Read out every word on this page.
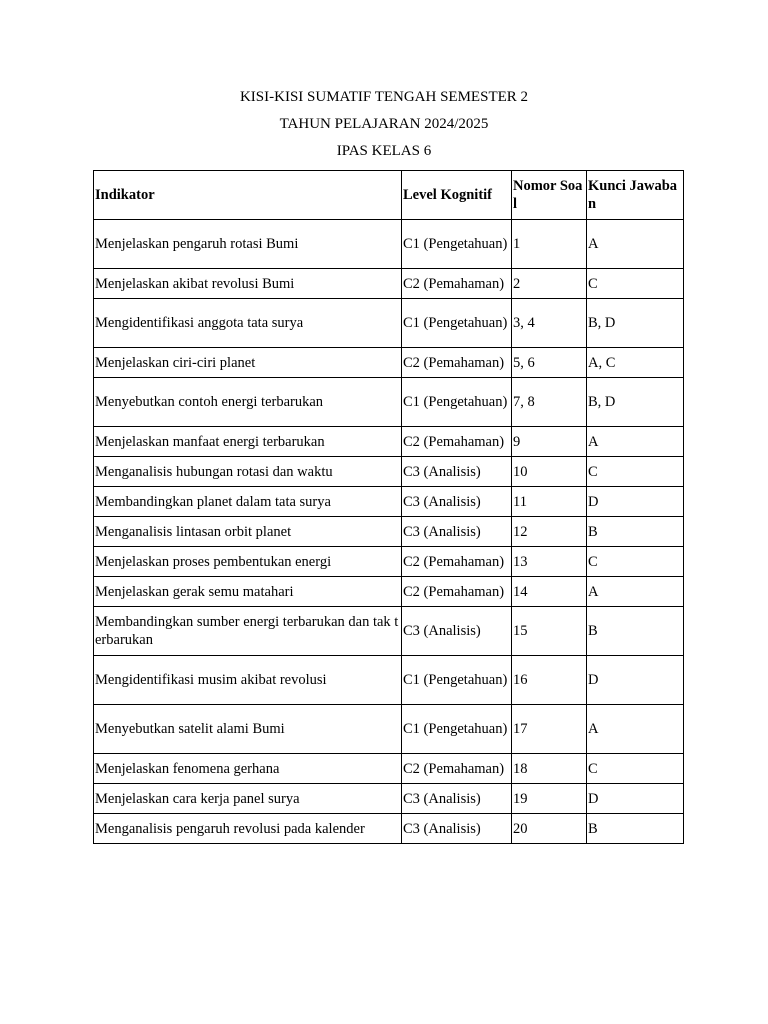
KISI-KISI SUMATIF TENGAH SEMESTER 2
TAHUN PELAJARAN 2024/2025
IPAS KELAS 6
Indikator	Level Kognitif	Nomor Soal	Kunci Jawaban
Menjelaskan pengaruh rotasi Bumi	C1 (Pengetahuan)	1	A
Menjelaskan akibat revolusi Bumi	C2 (Pemahaman)	2	C
Mengidentifikasi anggota tata surya	C1 (Pengetahuan)	3, 4	B, D
Menjelaskan ciri-ciri planet	C2 (Pemahaman)	5, 6	A, C
Menyebutkan contoh energi terbarukan	C1 (Pengetahuan)	7, 8	B, D
Menjelaskan manfaat energi terbarukan	C2 (Pemahaman)	9	A
Menganalisis hubungan rotasi dan waktu	C3 (Analisis)	10	C
Membandingkan planet dalam tata surya	C3 (Analisis)	11	D
Menganalisis lintasan orbit planet	C3 (Analisis)	12	B
Menjelaskan proses pembentukan energi	C2 (Pemahaman)	13	C
Menjelaskan gerak semu matahari	C2 (Pemahaman)	14	A
Membandingkan sumber energi terbarukan dan tak terbarukan	C3 (Analisis)	15	B
Mengidentifikasi musim akibat revolusi	C1 (Pengetahuan)	16	D
Menyebutkan satelit alami Bumi	C1 (Pengetahuan)	17	A
Menjelaskan fenomena gerhana	C2 (Pemahaman)	18	C
Menjelaskan cara kerja panel surya	C3 (Analisis)	19	D
Menganalisis pengaruh revolusi pada kalender	C3 (Analisis)	20	B
